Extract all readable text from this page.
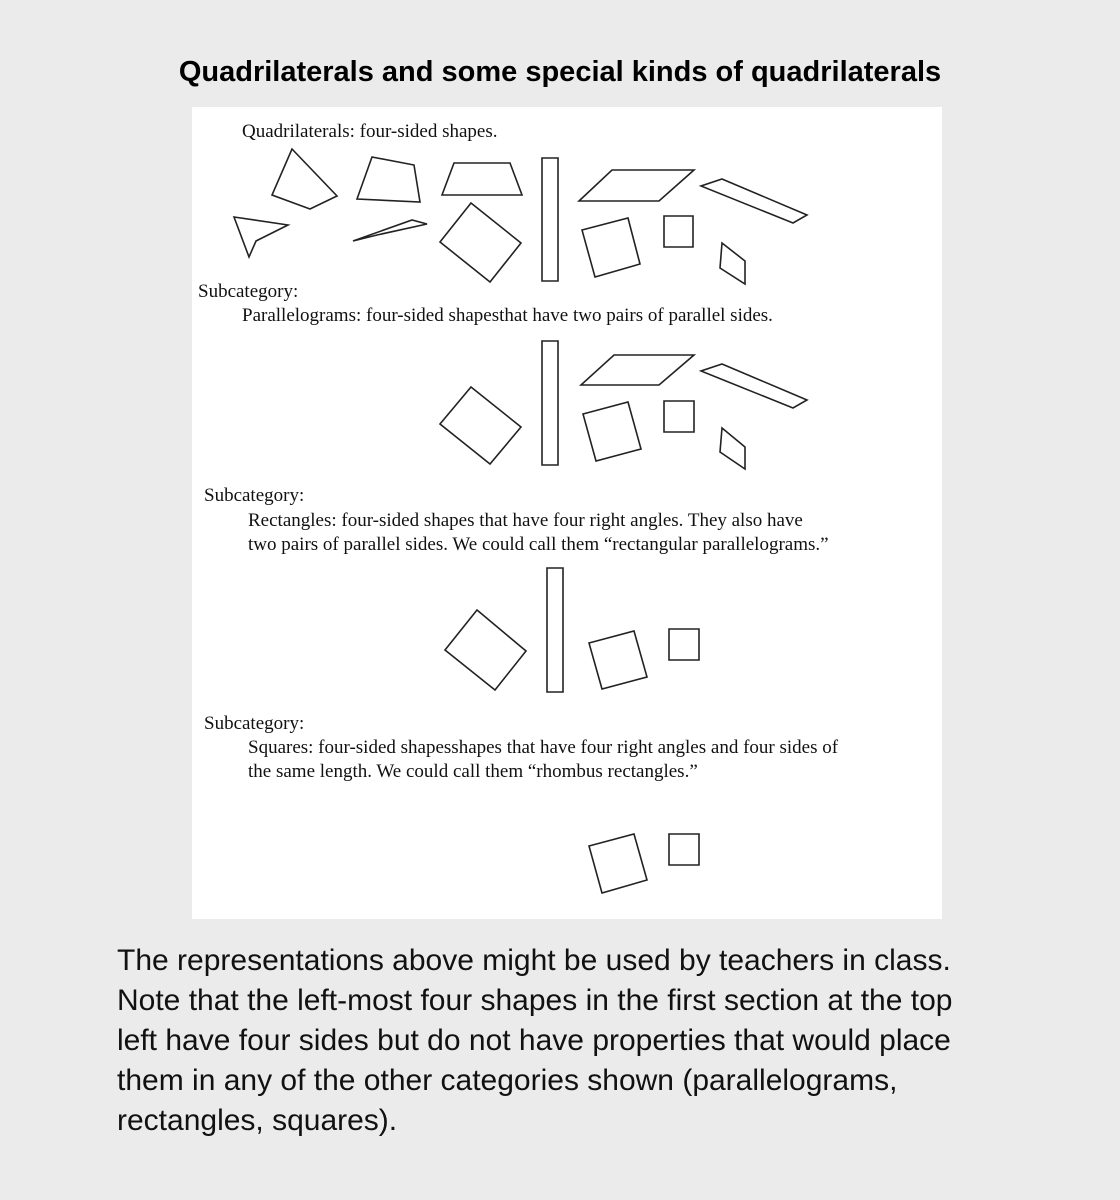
Quadrilaterals and some special kinds of quadrilaterals

Quadrilaterals: four-sided shapes.

Subcategory:

Parallelograms: four-sided shapesthat have two pairs of parallel sides.

Subcategory:

Rectangles: four-sided shapes that have four right angles. They also have

two pairs of parallel sides. We could call them “rectangular parallelograms.”

Subcategory:

Squares: four-sided shapesshapes that have four right angles and four sides of

the same length. We could call them “rhombus rectangles.”

The representations above might be used by teachers in class.
Note that the left-most four shapes in the first section at the top
left have four sides but do not have properties that would place
them in any of the other categories shown (parallelograms,
rectangles, squares).
